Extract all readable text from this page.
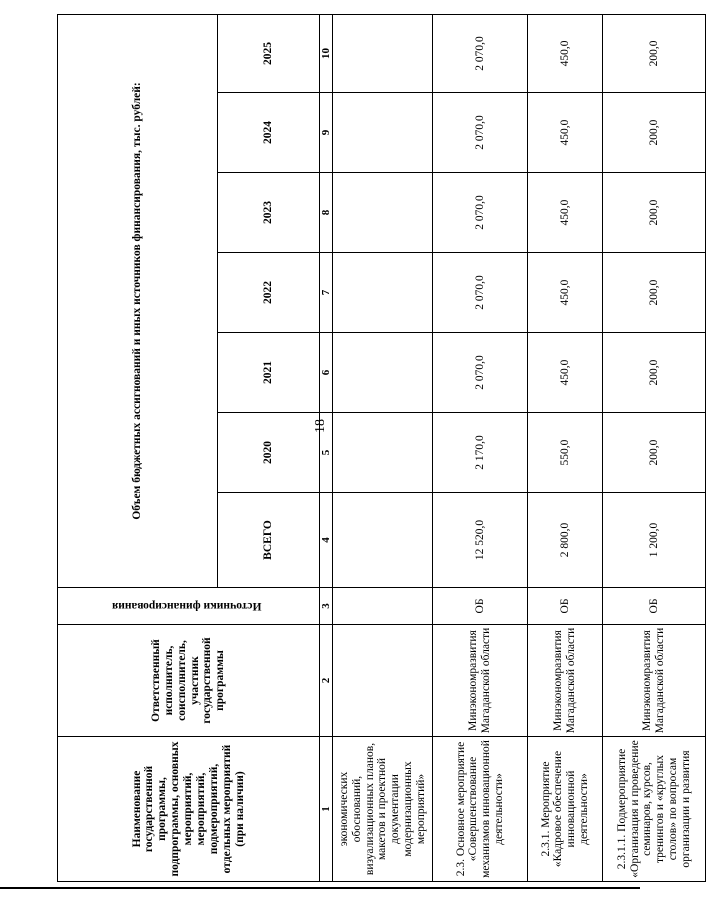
18
Наименование государственной программы, подпрограммы, основных мероприятий, мероприятий, подмероприятий, отдельных мероприятий (при наличии)	Ответственный исполнитель, соисполнитель, участник государственной программы	Источники финансирования	Объем бюджетных ассигнований и иных источников финансирования, тыс. рублей:						
			ВСЕГО	2020	2021	2022	2023	2024	2025
1	2	3	4	5	6	7	8	9	10
экономических обоснований, визуализационных планов, макетов и проектной документации модернизационных мероприятий»									
2.3. Основное мероприятие «Совершенствование механизмов инновационной деятельности»	Минэкономразвития Магаданской области	ОБ	12 520,0	2 170,0	2 070,0	2 070,0	2 070,0	2 070,0	2 070,0
2.3.1. Мероприятие «Кадровое обеспечение инновационной деятельности»	Минэкономразвития Магаданской области	ОБ	2 800,0	550,0	450,0	450,0	450,0	450,0	450,0
2.3.1.1. Подмероприятие «Организация и проведение семинаров, курсов, тренингов и «круглых столов» по вопросам организации и развития	Минэкономразвития Магаданской области	ОБ	1 200,0	200,0	200,0	200,0	200,0	200,0	200,0
